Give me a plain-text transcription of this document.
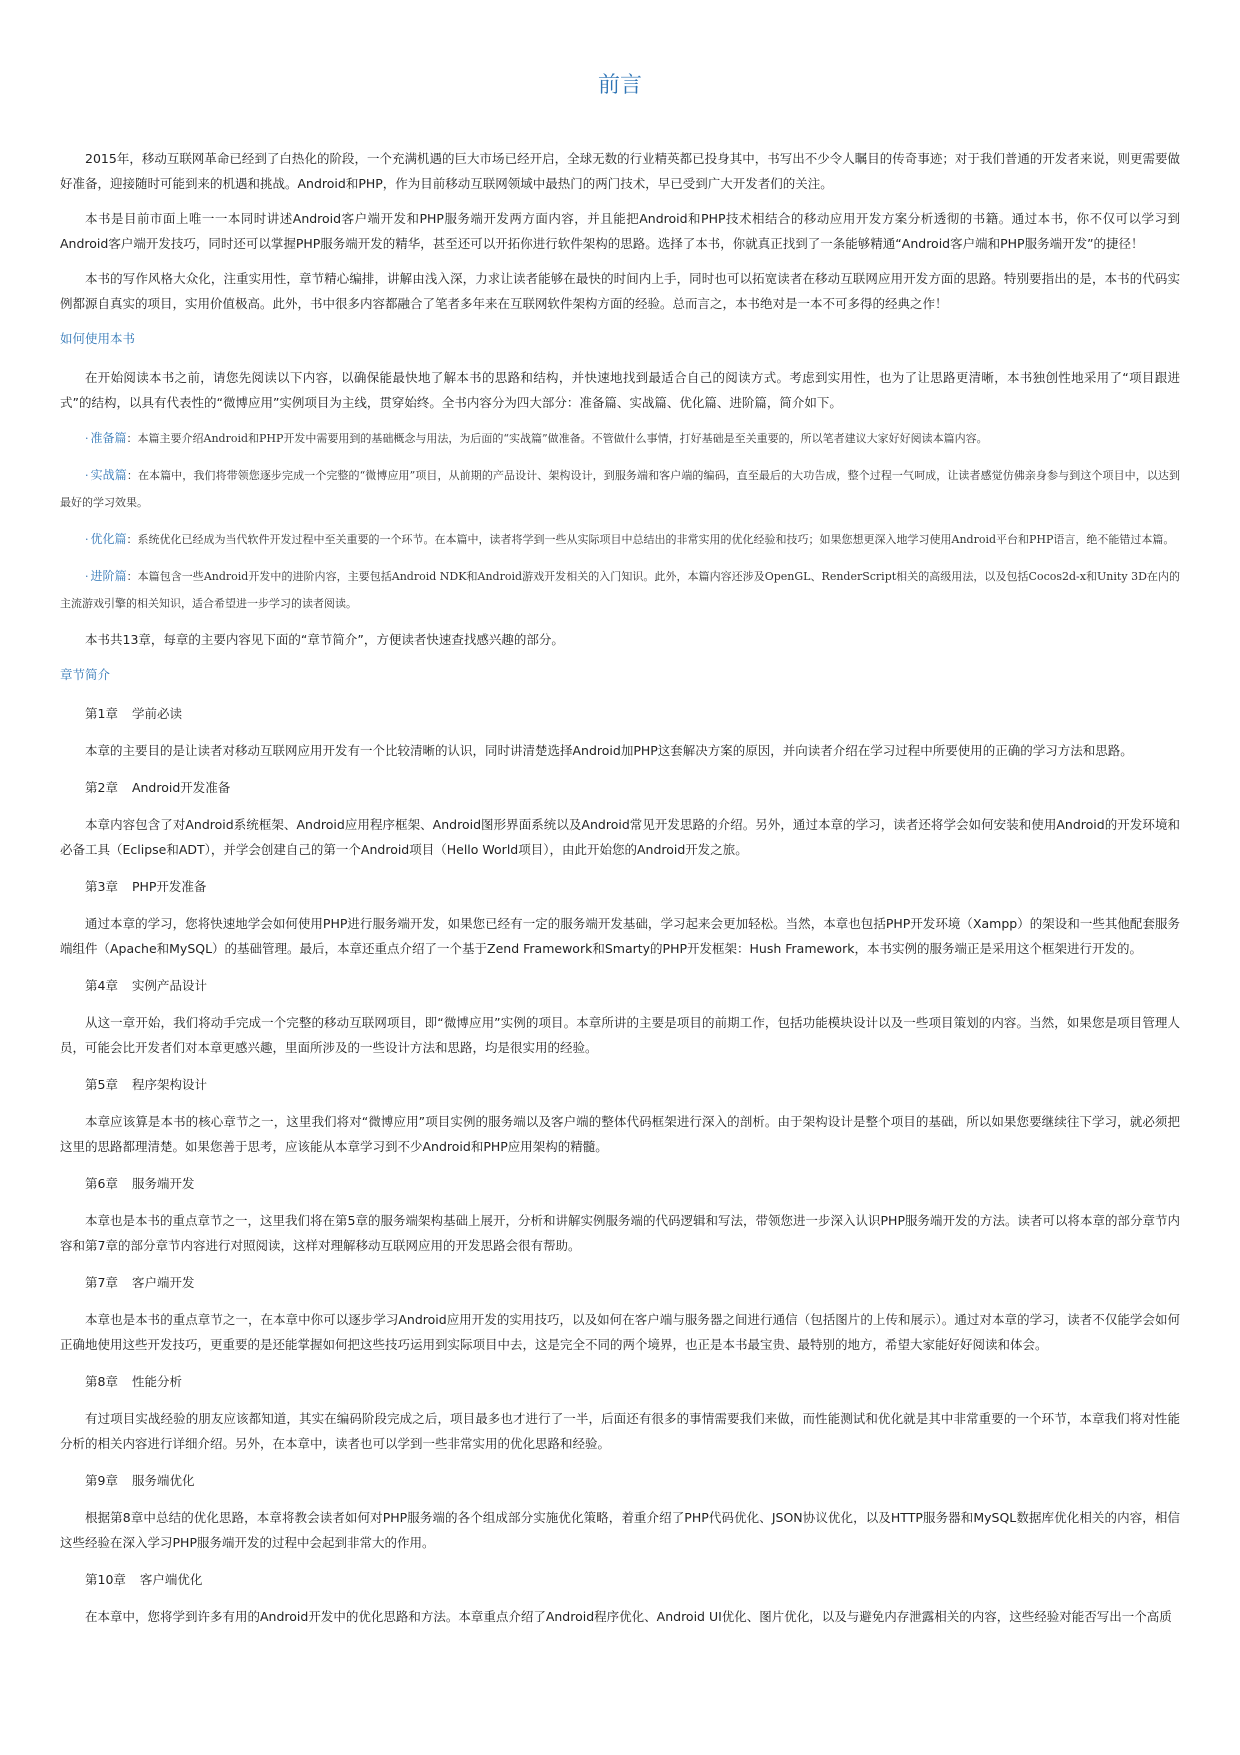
前言

2015年，移动互联网革命已经到了白热化的阶段，一个充满机遇的巨大市场已经开启，全球无数的行业精英都已投身其中，书写出不少令人瞩目的传奇事迹；对于我们普通的开发者来说，则更需要做好准备，迎接随时可能到来的机遇和挑战。Android和PHP，作为目前移动互联网领域中最热门的两门技术，早已受到广大开发者们的关注。

本书是目前市面上唯一一本同时讲述Android客户端开发和PHP服务端开发两方面内容，并且能把Android和PHP技术相结合的移动应用开发方案分析透彻的书籍。通过本书，你不仅可以学习到Android客户端开发技巧，同时还可以掌握PHP服务端开发的精华，甚至还可以开拓你进行软件架构的思路。选择了本书，你就真正找到了一条能够精通“Android客户端和PHP服务端开发”的捷径！

本书的写作风格大众化，注重实用性，章节精心编排，讲解由浅入深，力求让读者能够在最快的时间内上手，同时也可以拓宽读者在移动互联网应用开发方面的思路。特别要指出的是，本书的代码实例都源自真实的项目，实用价值极高。此外，书中很多内容都融合了笔者多年来在互联网软件架构方面的经验。总而言之，本书绝对是一本不可多得的经典之作！

如何使用本书

在开始阅读本书之前，请您先阅读以下内容，以确保能最快地了解本书的思路和结构，并快速地找到最适合自己的阅读方式。考虑到实用性，也为了让思路更清晰，本书独创性地采用了“项目跟进式”的结构，以具有代表性的“微博应用”实例项目为主线，贯穿始终。全书内容分为四大部分：准备篇、实战篇、优化篇、进阶篇，简介如下。

· 准备篇：本篇主要介绍Android和PHP开发中需要用到的基础概念与用法，为后面的“实战篇”做准备。不管做什么事情，打好基础是至关重要的，所以笔者建议大家好好阅读本篇内容。
· 实战篇：在本篇中，我们将带领您逐步完成一个完整的“微博应用”项目，从前期的产品设计、架构设计，到服务端和客户端的编码，直至最后的大功告成，整个过程一气呵成，让读者感觉仿佛亲身参与到这个项目中，以达到最好的学习效果。
· 优化篇：系统优化已经成为当代软件开发过程中至关重要的一个环节。在本篇中，读者将学到一些从实际项目中总结出的非常实用的优化经验和技巧；如果您想更深入地学习使用Android平台和PHP语言，绝不能错过本篇。
· 进阶篇：本篇包含一些Android开发中的进阶内容，主要包括Android NDK和Android游戏开发相关的入门知识。此外，本篇内容还涉及OpenGL、RenderScript相关的高级用法，以及包括Cocos2d-x和Unity 3D在内的主流游戏引擎的相关知识，适合希望进一步学习的读者阅读。

本书共13章，每章的主要内容见下面的“章节简介”，方便读者快速查找感兴趣的部分。

章节简介
第1章 学前必读
本章的主要目的是让读者对移动互联网应用开发有一个比较清晰的认识，同时讲清楚选择Android加PHP这套解决方案的原因，并向读者介绍在学习过程中所要使用的正确的学习方法和思路。
第2章 Android开发准备
本章内容包含了对Android系统框架、Android应用程序框架、Android图形界面系统以及Android常见开发思路的介绍。另外，通过本章的学习，读者还将学会如何安装和使用Android的开发环境和必备工具（Eclipse和ADT），并学会创建自己的第一个Android项目（Hello World项目），由此开始您的Android开发之旅。
第3章 PHP开发准备
通过本章的学习，您将快速地学会如何使用PHP进行服务端开发，如果您已经有一定的服务端开发基础，学习起来会更加轻松。当然，本章也包括PHP开发环境（Xampp）的架设和一些其他配套服务端组件（Apache和MySQL）的基础管理。最后，本章还重点介绍了一个基于Zend Framework和Smarty的PHP开发框架：Hush Framework，本书实例的服务端正是采用这个框架进行开发的。
第4章 实例产品设计
从这一章开始，我们将动手完成一个完整的移动互联网项目，即“微博应用”实例的项目。本章所讲的主要是项目的前期工作，包括功能模块设计以及一些项目策划的内容。当然，如果您是项目管理人员，可能会比开发者们对本章更感兴趣，里面所涉及的一些设计方法和思路，均是很实用的经验。
第5章 程序架构设计
本章应该算是本书的核心章节之一，这里我们将对“微博应用”项目实例的服务端以及客户端的整体代码框架进行深入的剖析。由于架构设计是整个项目的基础，所以如果您要继续往下学习，就必须把这里的思路都理清楚。如果您善于思考，应该能从本章学习到不少Android和PHP应用架构的精髓。
第6章 服务端开发
本章也是本书的重点章节之一，这里我们将在第5章的服务端架构基础上展开，分析和讲解实例服务端的代码逻辑和写法，带领您进一步深入认识PHP服务端开发的方法。读者可以将本章的部分章节内容和第7章的部分章节内容进行对照阅读，这样对理解移动互联网应用的开发思路会很有帮助。
第7章 客户端开发
本章也是本书的重点章节之一，在本章中你可以逐步学习Android应用开发的实用技巧，以及如何在客户端与服务器之间进行通信（包括图片的上传和展示）。通过对本章的学习，读者不仅能学会如何正确地使用这些开发技巧，更重要的是还能掌握如何把这些技巧运用到实际项目中去，这是完全不同的两个境界，也正是本书最宝贵、最特别的地方，希望大家能好好阅读和体会。
第8章 性能分析
有过项目实战经验的朋友应该都知道，其实在编码阶段完成之后，项目最多也才进行了一半，后面还有很多的事情需要我们来做，而性能测试和优化就是其中非常重要的一个环节，本章我们将对性能分析的相关内容进行详细介绍。另外，在本章中，读者也可以学到一些非常实用的优化思路和经验。
第9章 服务端优化
根据第8章中总结的优化思路，本章将教会读者如何对PHP服务端的各个组成部分实施优化策略，着重介绍了PHP代码优化、JSON协议优化，以及HTTP服务器和MySQL数据库优化相关的内容，相信这些经验在深入学习PHP服务端开发的过程中会起到非常大的作用。
第10章 客户端优化
在本章中，您将学到许多有用的Android开发中的优化思路和方法。本章重点介绍了Android程序优化、Android UI优化、图片优化，以及与避免内存泄露相关的内容，这些经验对能否写出一个高质
